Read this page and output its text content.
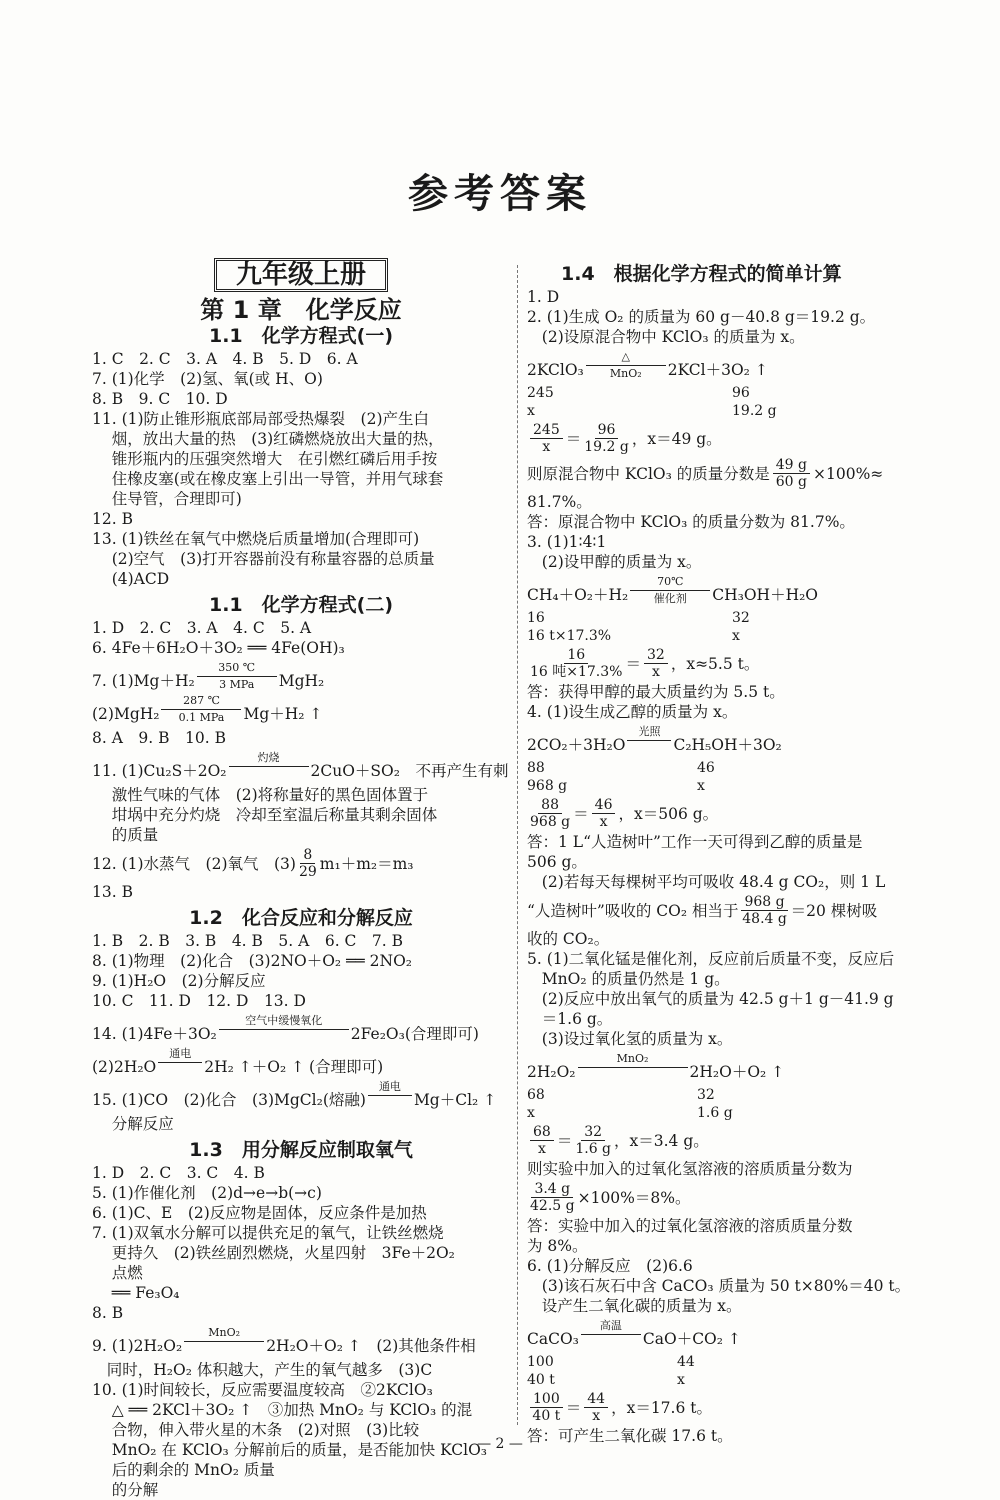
参考答案
九年级上册
第 1 章　化学反应
1.1　化学方程式(一)
1. C　2. C　3. A　4. B　5. D　6. A
7. (1)化学　(2)氢、氧(或 H、O)
8. B　9. C　10. D
11. (1)防止锥形瓶底部局部受热爆裂　(2)产生白
烟，放出大量的热　(3)红磷燃烧放出大量的热，
锥形瓶内的压强突然增大　在引燃红磷后用手按
住橡皮塞(或在橡皮塞上引出一导管，并用气球套
住导管，合理即可)
12. B
13. (1)铁丝在氧气中燃烧后质量增加(合理即可)
(2)空气　(3)打开容器前没有称量容器的总质量
(4)ACD
1.1　化学方程式(二)
1. D　2. C　3. A　4. C　5. A
6. 4Fe＋6H₂O＋3O₂ ══ 4Fe(OH)₃
7. (1)Mg＋H₂
350 ℃
3 MPa MgH₂
(2)MgH₂
287 ℃
0.1 MPa Mg＋H₂ ↑
8. A　9. B　10. B
11. (1)Cu₂S＋2O₂
灼烧

2CuO＋SO₂　不再产生有刺
激性气味的气体　(2)将称量好的黑色固体置于
坩埚中充分灼烧　冷却至室温后称量其剩余固体
的质量
12. (1)水蒸气　(2)氧气　$(3) \frac{8}{29} m_1+m_2=m_3$
13. B
1.2　化合反应和分解反应
1. B　2. B　3. B　4. B　5. A　6. C　7. B
8. (1)物理　(2)化合　(3)2NO＋O₂ ══ 2NO₂
9. (1)H₂O　(2)分解反应
10. C　11. D　12. D　13. D
14. (1)4Fe＋3O₂
空气中缓慢氧化

2Fe₂O₃(合理即可)
(2)2H₂O
通电

2H₂ ↑＋O₂ ↑ (合理即可)
15. (1)CO　(2)化合　(3)MgCl₂(熔融)
通电

Mg＋Cl₂ ↑
分解反应
1.3　用分解反应制取氧气
1. D　2. C　3. C　4. B
5. (1)作催化剂　(2)d→e→b(→c)
6. (1)C、E　(2)反应物是固体，反应条件是加热
7. (1)双氧水分解可以提供充足的氧气，让铁丝燃烧
更持久　(2)铁丝剧烈燃烧，火星四射　3Fe＋2O₂
点燃
══ Fe₃O₄
8. B
9. (1)2H₂O₂
MnO₂

2H₂O＋O₂ ↑　(2)其他条件相
同时，H₂O₂ 体积越大，产生的氧气越多　(3)C
10. (1)时间较长，反应需要温度较高　②2KClO₃
△ ══ 2KCl＋3O₂ ↑　③加热 MnO₂ 与 KClO₃ 的混
合物，伸入带火星的木条　(2)对照　(3)比较
MnO₂ 在 KClO₃ 分解前后的质量，是否能加快 KClO₃
后的剩余的 MnO₂ 质量
的分解
1.4　根据化学方程式的简单计算
1. D
2. (1)生成 O₂ 的质量为 60 g－40.8 g＝19.2 g。
(2)设原混合物中 KClO₃ 的质量为 x。
2KClO₃
△
MnO₂ 2KCl＋3O₂ ↑
245	96
x	19.2 g
$\frac{245}{x} = \frac{96}{19.2 g}$ ，x＝49 g。
则原混合物中 KClO₃ 的质量分数是 $\frac{49 g}{60 g} \times 100\%\approx$
81.7%。
答：原混合物中 KClO₃ 的质量分数为 81.7%。
3. (1)1∶4∶1
(2)设甲醇的质量为 x。
CH₄＋O₂＋H₂
70℃
催化剂 CH₃OH＋H₂O
16	32
16 t×17.3%	x
$\frac{16}{\text{16 吨×17.3\%}} = \frac{32}{x}$ ，x≈5.5 t。
答：获得甲醇的最大质量约为 5.5 t。
4. (1)设生成乙醇的质量为 x。
2CO₂＋3H₂O
光照

C₂H₅OH＋3O₂
88	46
968 g	x
$\frac{88}{968 g} = \frac{46}{x}$ ，x＝506 g。
答：1 L“人造树叶”工作一天可得到乙醇的质量是
506 g。
(2)若每天每棵树平均可吸收 48.4 g CO₂，则 1 L
“人造树叶”吸收的 CO₂ 相当于 $\frac{968 g}{48.4 g} =20$ 棵树吸
收的 CO₂。
5. (1)二氧化锰是催化剂，反应前后质量不变，反应后
MnO₂ 的质量仍然是 1 g。
(2)反应中放出氧气的质量为 42.5 g＋1 g－41.9 g
＝1.6 g。
(3)设过氧化氢的质量为 x。
2H₂O₂
MnO₂

2H₂O＋O₂ ↑
68	32
x	1.6 g
$\frac{68}{x} = \frac{32}{1.6 g}$ ，x＝3.4 g。
则实验中加入的过氧化氢溶液的溶质质量分数为
$\frac{3.4 g}{42.5 g} \times 100\%=8\%$。
答：实验中加入的过氧化氢溶液的溶质质量分数
为 8%。
6. (1)分解反应　(2)6.6
(3)该石灰石中含 CaCO₃ 质量为 50 t×80%＝40 t。
设产生二氧化碳的质量为 x。
CaCO₃
高温

CaO＋CO₂ ↑
100	44
40 t	x
$\frac{100}{40 t} = \frac{44}{x}$ ，x＝17.6 t。
答：可产生二氧化碳 17.6 t。
— 2 —
